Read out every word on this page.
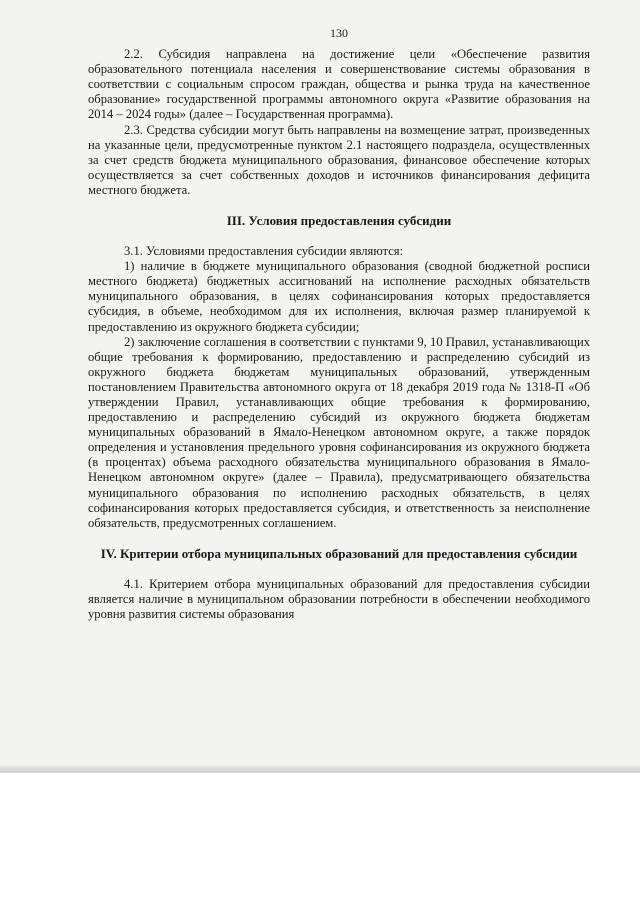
130

2.2. Субсидия направлена на достижение цели «Обеспечение развития образовательного потенциала населения и совершенствование системы образования в соответствии с социальным спросом граждан, общества и рынка труда на качественное образование» государственной программы автономного округа «Развитие образования на 2014 – 2024 годы» (далее – Государственная программа).

2.3. Средства субсидии могут быть направлены на возмещение затрат, произведенных на указанные цели, предусмотренные пунктом 2.1 настоящего подраздела, осуществленных за счет средств бюджета муниципального образования, финансовое обеспечение которых осуществляется за счет собственных доходов и источников финансирования дефицита местного бюджета.

III. Условия предоставления субсидии

3.1. Условиями предоставления субсидии являются:

1) наличие в бюджете муниципального образования (сводной бюджетной росписи местного бюджета) бюджетных ассигнований на исполнение расходных обязательств муниципального образования, в целях софинансирования которых предоставляется субсидия, в объеме, необходимом для их исполнения, включая размер планируемой к предоставлению из окружного бюджета субсидии;

2) заключение соглашения в соответствии с пунктами 9, 10 Правил, устанавливающих общие требования к формированию, предоставлению и распределению субсидий из окружного бюджета бюджетам муниципальных образований, утвержденным постановлением Правительства автономного округа от 18 декабря 2019 года № 1318-П «Об утверждении Правил, устанавливающих общие требования к формированию, предоставлению и распределению субсидий из окружного бюджета бюджетам муниципальных образований в Ямало-Ненецком автономном округе, а также порядок определения и установления предельного уровня софинансирования из окружного бюджета (в процентах) объема расходного обязательства муниципального образования в Ямало-Ненецком автономном округе» (далее – Правила), предусматривающего обязательства муниципального образования по исполнению расходных обязательств, в целях софинансирования которых предоставляется субсидия, и ответственность за неисполнение обязательств, предусмотренных соглашением.

IV. Критерии отбора муниципальных образований для предоставления субсидии

4.1. Критерием отбора муниципальных образований для предоставления субсидии является наличие в муниципальном образовании потребности в обеспечении необходимого уровня развития системы образования
